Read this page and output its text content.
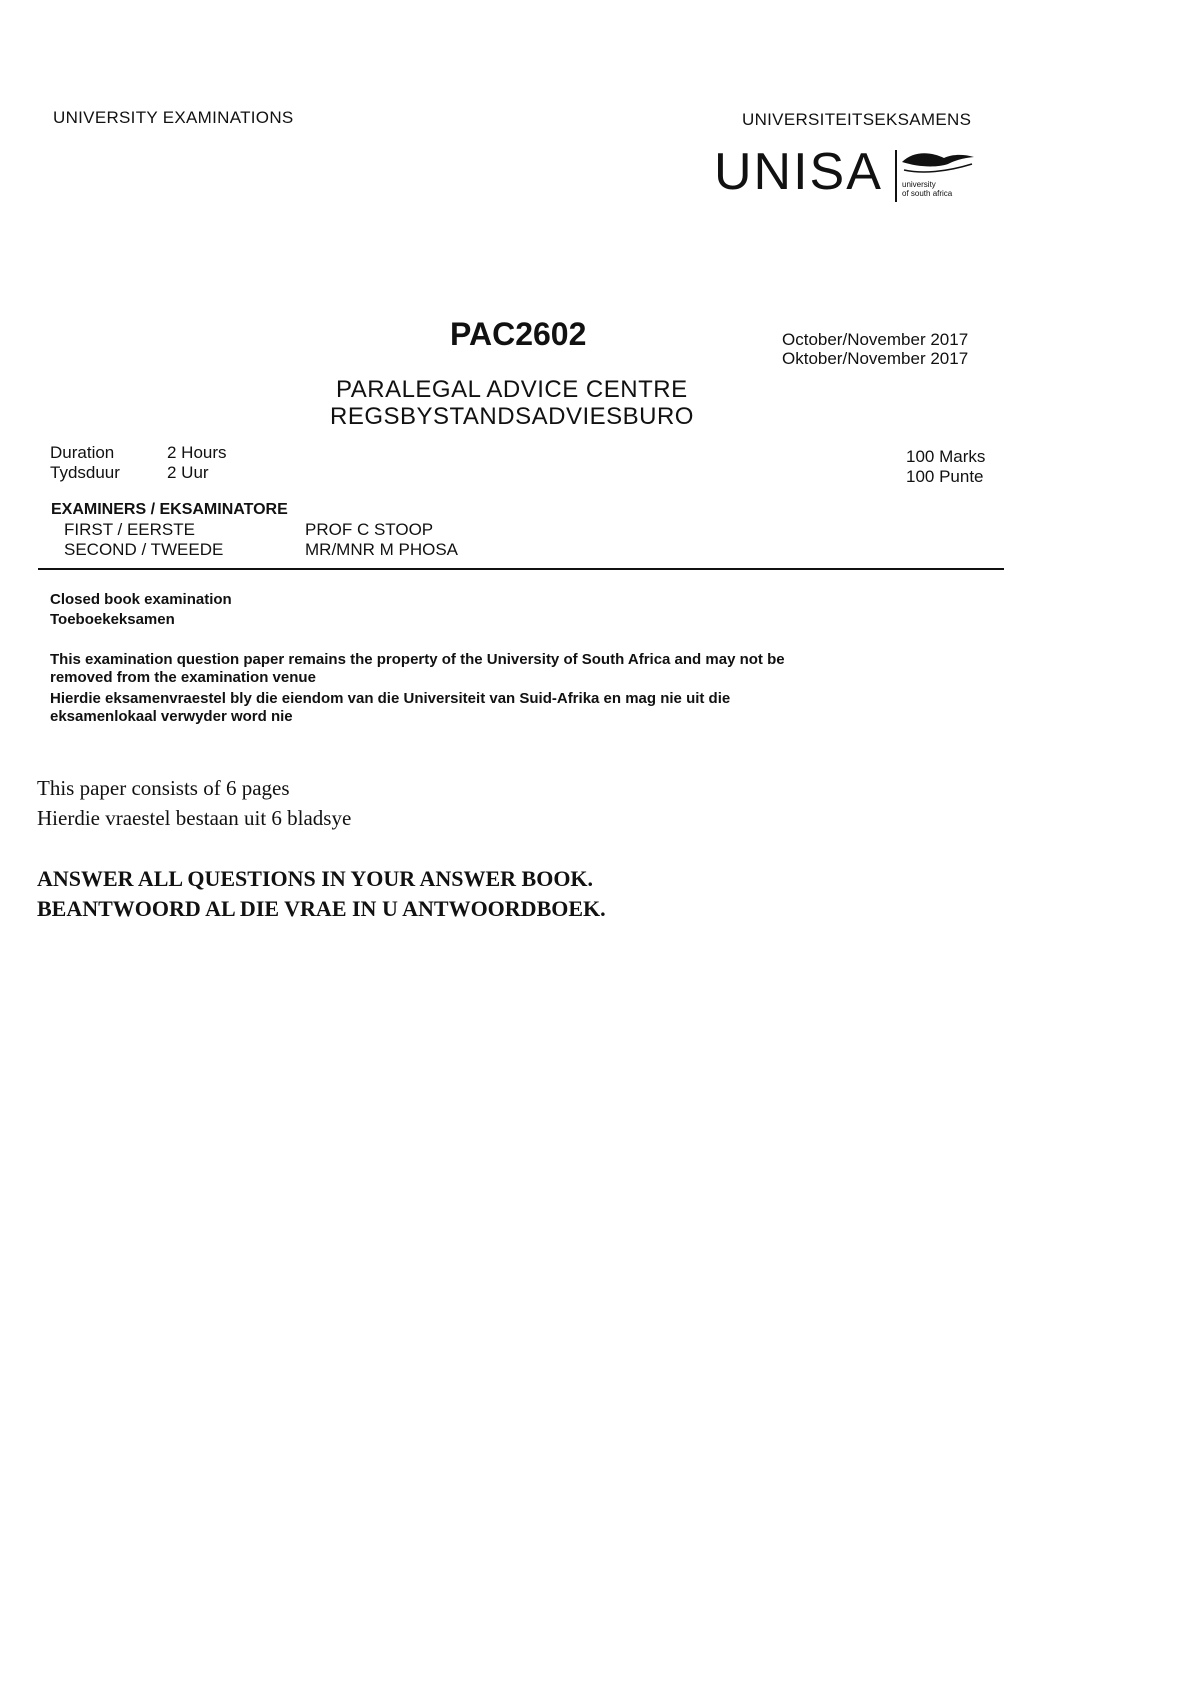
UNIVERSITY EXAMINATIONS	UNIVERSITEITSEKSAMENS
UNISA university
of south africa
PAC2602	October/November 2017
Oktober/November 2017
PARALEGAL ADVICE CENTRE
REGSBYSTANDSADVIESBURO
Duration	2 Hours
Tydsduur	2 Uur
100 Marks
100 Punte
EXAMINERS / EKSAMINATORE
FIRST / EERSTE	PROF C STOOP
SECOND / TWEEDE	MR/MNR M PHOSA
Closed book examination
Toeboekeksamen
This examination question paper remains the property of the University of South Africa and may not be
removed from the examination venue
Hierdie eksamenvraestel bly die eiendom van die Universiteit van Suid-Afrika en mag nie uit die
eksamenlokaal verwyder word nie
This paper consists of 6 pages
Hierdie vraestel bestaan uit 6 bladsye
ANSWER ALL QUESTIONS IN YOUR ANSWER BOOK.
BEANTWOORD AL DIE VRAE IN U ANTWOORDBOEK.
